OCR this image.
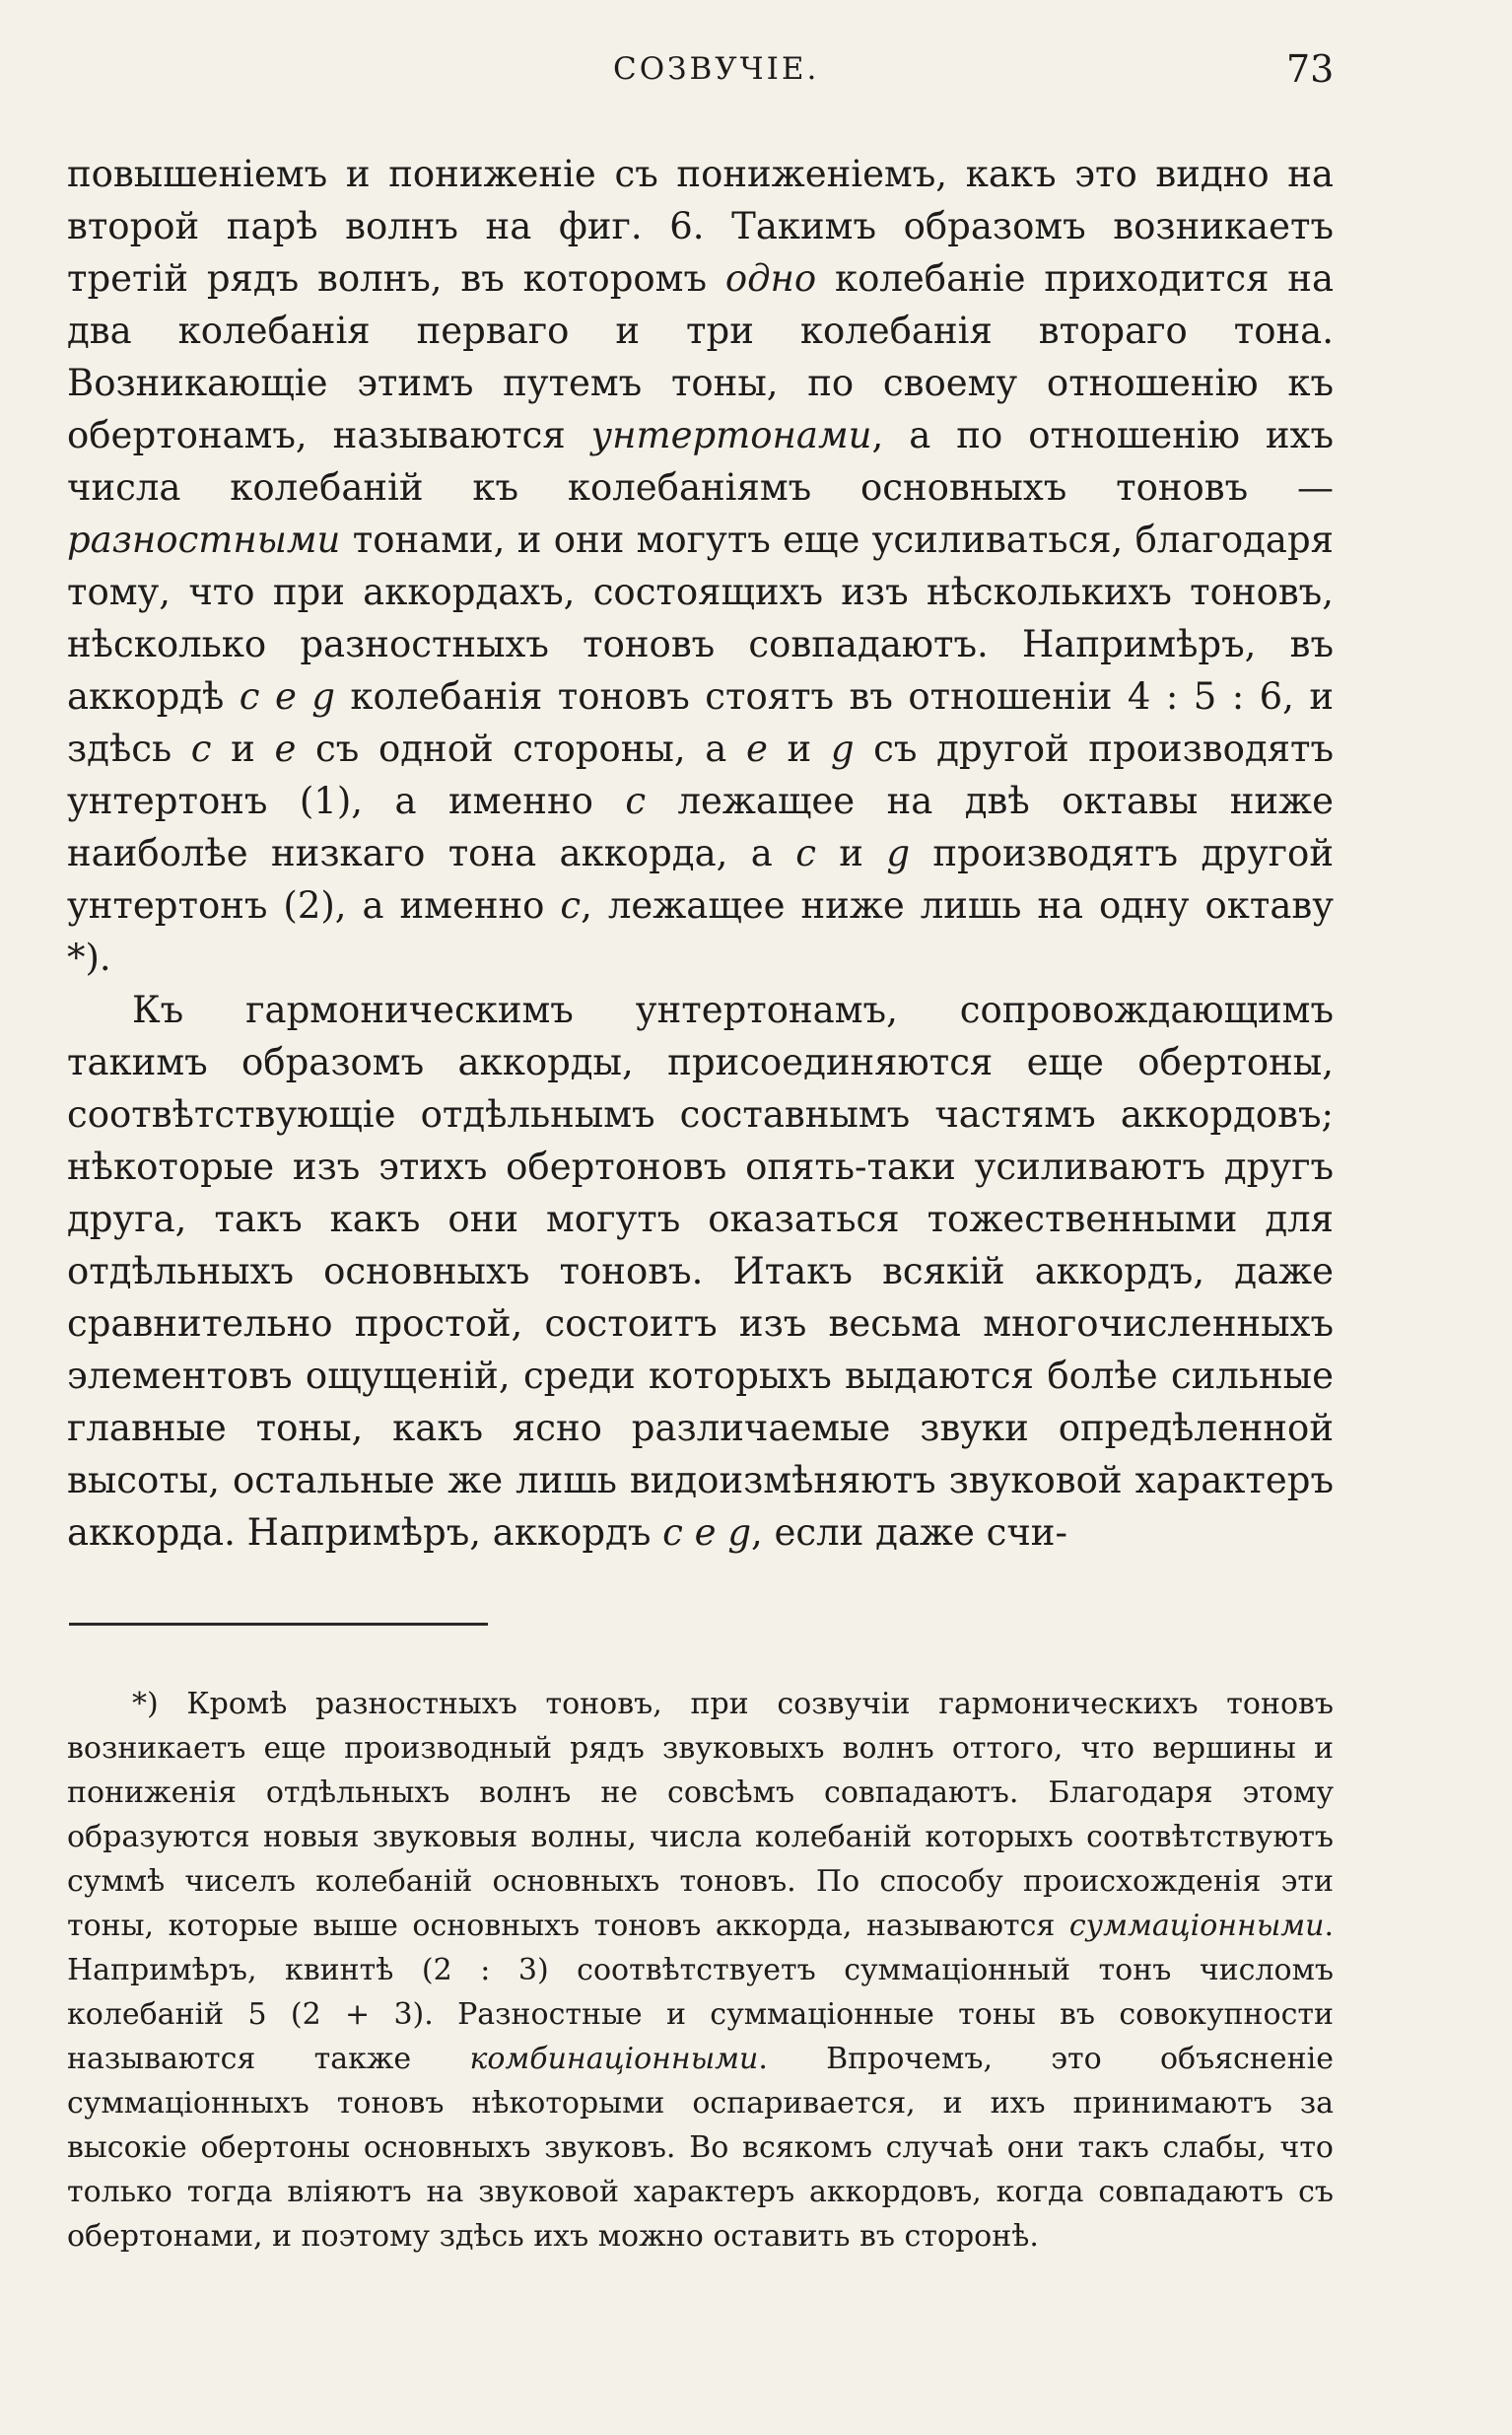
СОЗВУЧІЕ.	73

повышеніемъ и пониженіе съ пониженіемъ, какъ это видно на второй парѣ волнъ на фиг. 6. Такимъ образомъ возникаетъ третій рядъ волнъ, въ которомъ одно колебаніе приходится на два колебанія перваго и три колебанія втораго тона. Возникающіе этимъ путемъ тоны, по своему отношенію къ обертонамъ, называются унтертонами, а по отношенію ихъ числа колебаній къ колебаніямъ основныхъ тоновъ — разностными тонами, и они могутъ еще усиливаться, благодаря тому, что при аккордахъ, состоящихъ изъ нѣсколькихъ тоновъ, нѣсколько разностныхъ тоновъ совпадаютъ. Напримѣръ, въ аккордѣ c e g колебанія тоновъ стоятъ въ отношеніи 4 : 5 : 6, и здѣсь c и e съ одной стороны, а e и g съ другой производятъ унтертонъ (1), а именно c лежащее на двѣ октавы ниже наиболѣе низкаго тона аккорда, а c и g производятъ другой унтертонъ (2), а именно c, лежащее ниже лишь на одну октаву *).

Къ гармоническимъ унтертонамъ, сопровождающимъ такимъ образомъ аккорды, присоединяются еще обертоны, соотвѣтствующіе отдѣльнымъ составнымъ частямъ аккордовъ; нѣкоторые изъ этихъ обертоновъ опять-таки усиливаютъ другъ друга, такъ какъ они могутъ оказаться тожественными для отдѣльныхъ основныхъ тоновъ. Итакъ всякій аккордъ, даже сравнительно простой, состоитъ изъ весьма многочисленныхъ элементовъ ощущеній, среди которыхъ выдаются болѣе сильные главные тоны, какъ ясно различаемые звуки опредѣленной высоты, остальные же лишь видоизмѣняютъ звуковой характеръ аккорда. Напримѣръ, аккордъ c e g, если даже счи-

*) Кромѣ разностныхъ тоновъ, при созвучіи гармоническихъ тоновъ возникаетъ еще производный рядъ звуковыхъ волнъ оттого, что вершины и пониженія отдѣльныхъ волнъ не совсѣмъ совпадаютъ. Благодаря этому образуются новыя звуковыя волны, числа колебаній которыхъ соотвѣтствуютъ суммѣ чиселъ колебаній основныхъ тоновъ. По способу происхожденія эти тоны, которые выше основныхъ тоновъ аккорда, называются суммаціонными. Напримѣръ, квинтѣ (2 : 3) соотвѣтствуетъ суммаціонный тонъ числомъ колебаній 5 (2 + 3). Разностные и суммаціонные тоны въ совокупности называются также комбинаціонными. Впрочемъ, это объясненіе суммаціонныхъ тоновъ нѣкоторыми оспаривается, и ихъ принимаютъ за высокіе обертоны основныхъ звуковъ. Во всякомъ случаѣ они такъ слабы, что только тогда вліяютъ на звуковой характеръ аккордовъ, когда совпадаютъ съ обертонами, и поэтому здѣсь ихъ можно оставить въ сторонѣ.
